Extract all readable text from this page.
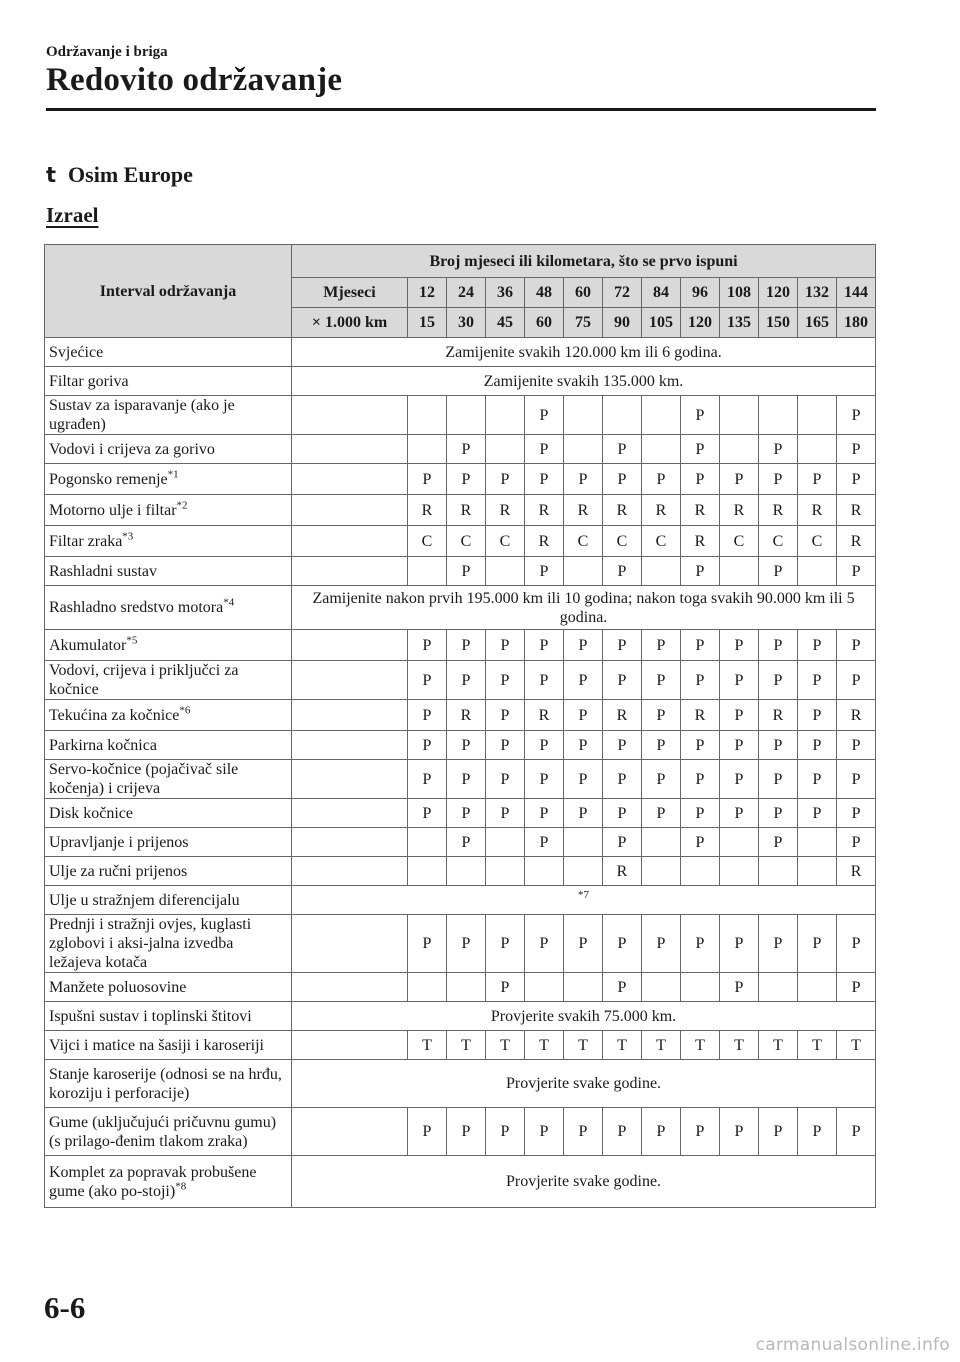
Održavanje i briga
Redovito održavanje
t Osim Europe
Izrael
Interval održavanja	Broj mjeseci ili kilometara, što se prvo ispuni												
	Mjeseci	12	24	36	48	60	72	84	96	108	120	132	144
	× 1.000 km	15	30	45	60	75	90	105	120	135	150	165	180
Svjećice	Zamijenite svakih 120.000 km ili 6 godina.												
Filtar goriva	Zamijenite svakih 135.000 km.												
Sustav za isparavanje (ako je ugrađen)					P				P				P
Vodovi i crijeva za gorivo			P		P		P		P		P		P
Pogonsko remenje$^{*1}$		P	P	P	P	P	P	P	P	P	P	P	P
Motorno ulje i filtar$^{*2}$		R	R	R	R	R	R	R	R	R	R	R	R
Filtar zraka$^{*3}$		C	C	C	R	C	C	C	R	C	C	C	R
Rashladni sustav			P		P		P		P		P		P
Rashladno sredstvo motora$^{*4}$	Zamijenite nakon prvih 195.000 km ili 10 godina; nakon toga svakih 90.000 km ili 5 godina.												
Akumulator$^{*5}$		P	P	P	P	P	P	P	P	P	P	P	P
Vodovi, crijeva i priključci za kočnice		P	P	P	P	P	P	P	P	P	P	P	P
Tekućina za kočnice$^{*6}$		P	R	P	R	P	R	P	R	P	R	P	R
Parkirna kočnica		P	P	P	P	P	P	P	P	P	P	P	P
Servo-kočnice (pojačivač sile kočenja) i crijeva		P	P	P	P	P	P	P	P	P	P	P	P
Disk kočnice		P	P	P	P	P	P	P	P	P	P	P	P
Upravljanje i prijenos			P		P		P		P		P		P
Ulje za ručni prijenos							R						R
Ulje u stražnjem diferencijalu	*7												
Prednji i stražnji ovjes, kuglasti zglobovi i aksi-jalna izvedba ležajeva kotača		P	P	P	P	P	P	P	P	P	P	P	P
Manžete poluosovine				P			P			P			P
Ispušni sustav i toplinski štitovi	Provjerite svakih 75.000 km.												
Vijci i matice na šasiji i karoseriji		T	T	T	T	T	T	T	T	T	T	T	T
Stanje karoserije (odnosi se na hrđu, koroziju i perforacije)	Provjerite svake godine.												
Gume (uključujući pričuvnu gumu) (s prilago-đenim tlakom zraka)		P	P	P	P	P	P	P	P	P	P	P	P
Komplet za popravak probušene gume (ako po-stoji)$^{*8}$	Provjerite svake godine.												
6-6
carmanualsonline.info
